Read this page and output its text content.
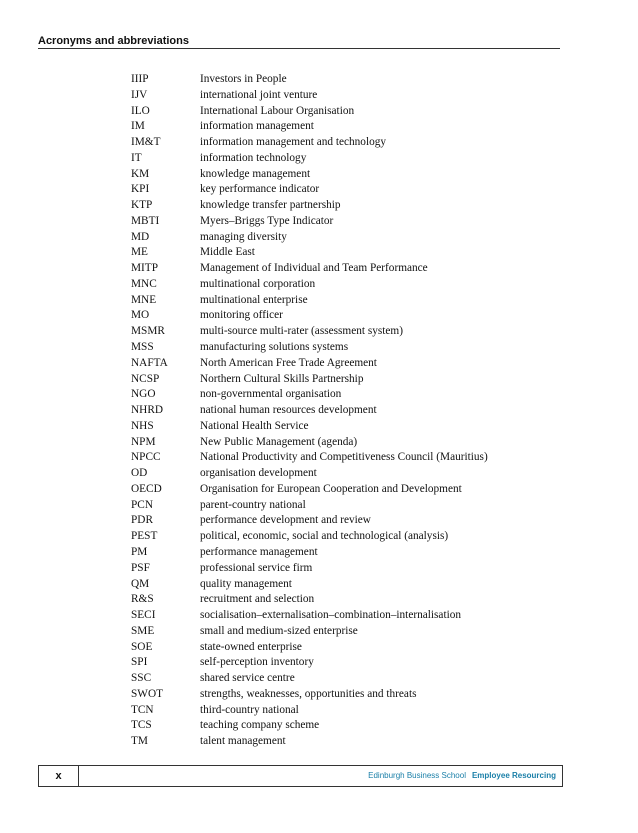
Acronyms and abbreviations
IIIP	Investors in People
IJV	international joint venture
ILO	International Labour Organisation
IM	information management
IM&T	information management and technology
IT	information technology
KM	knowledge management
KPI	key performance indicator
KTP	knowledge transfer partnership
MBTI	Myers–Briggs Type Indicator
MD	managing diversity
ME	Middle East
MITP	Management of Individual and Team Performance
MNC	multinational corporation
MNE	multinational enterprise
MO	monitoring officer
MSMR	multi-source multi-rater (assessment system)
MSS	manufacturing solutions systems
NAFTA	North American Free Trade Agreement
NCSP	Northern Cultural Skills Partnership
NGO	non-governmental organisation
NHRD	national human resources development
NHS	National Health Service
NPM	New Public Management (agenda)
NPCC	National Productivity and Competitiveness Council (Mauritius)
OD	organisation development
OECD	Organisation for European Cooperation and Development
PCN	parent-country national
PDR	performance development and review
PEST	political, economic, social and technological (analysis)
PM	performance management
PSF	professional service firm
QM	quality management
R&S	recruitment and selection
SECI	socialisation–externalisation–combination–internalisation
SME	small and medium-sized enterprise
SOE	state-owned enterprise
SPI	self-perception inventory
SSC	shared service centre
SWOT	strengths, weaknesses, opportunities and threats
TCN	third-country national
TCS	teaching company scheme
TM	talent management
x	Edinburgh Business School Employee Resourcing
